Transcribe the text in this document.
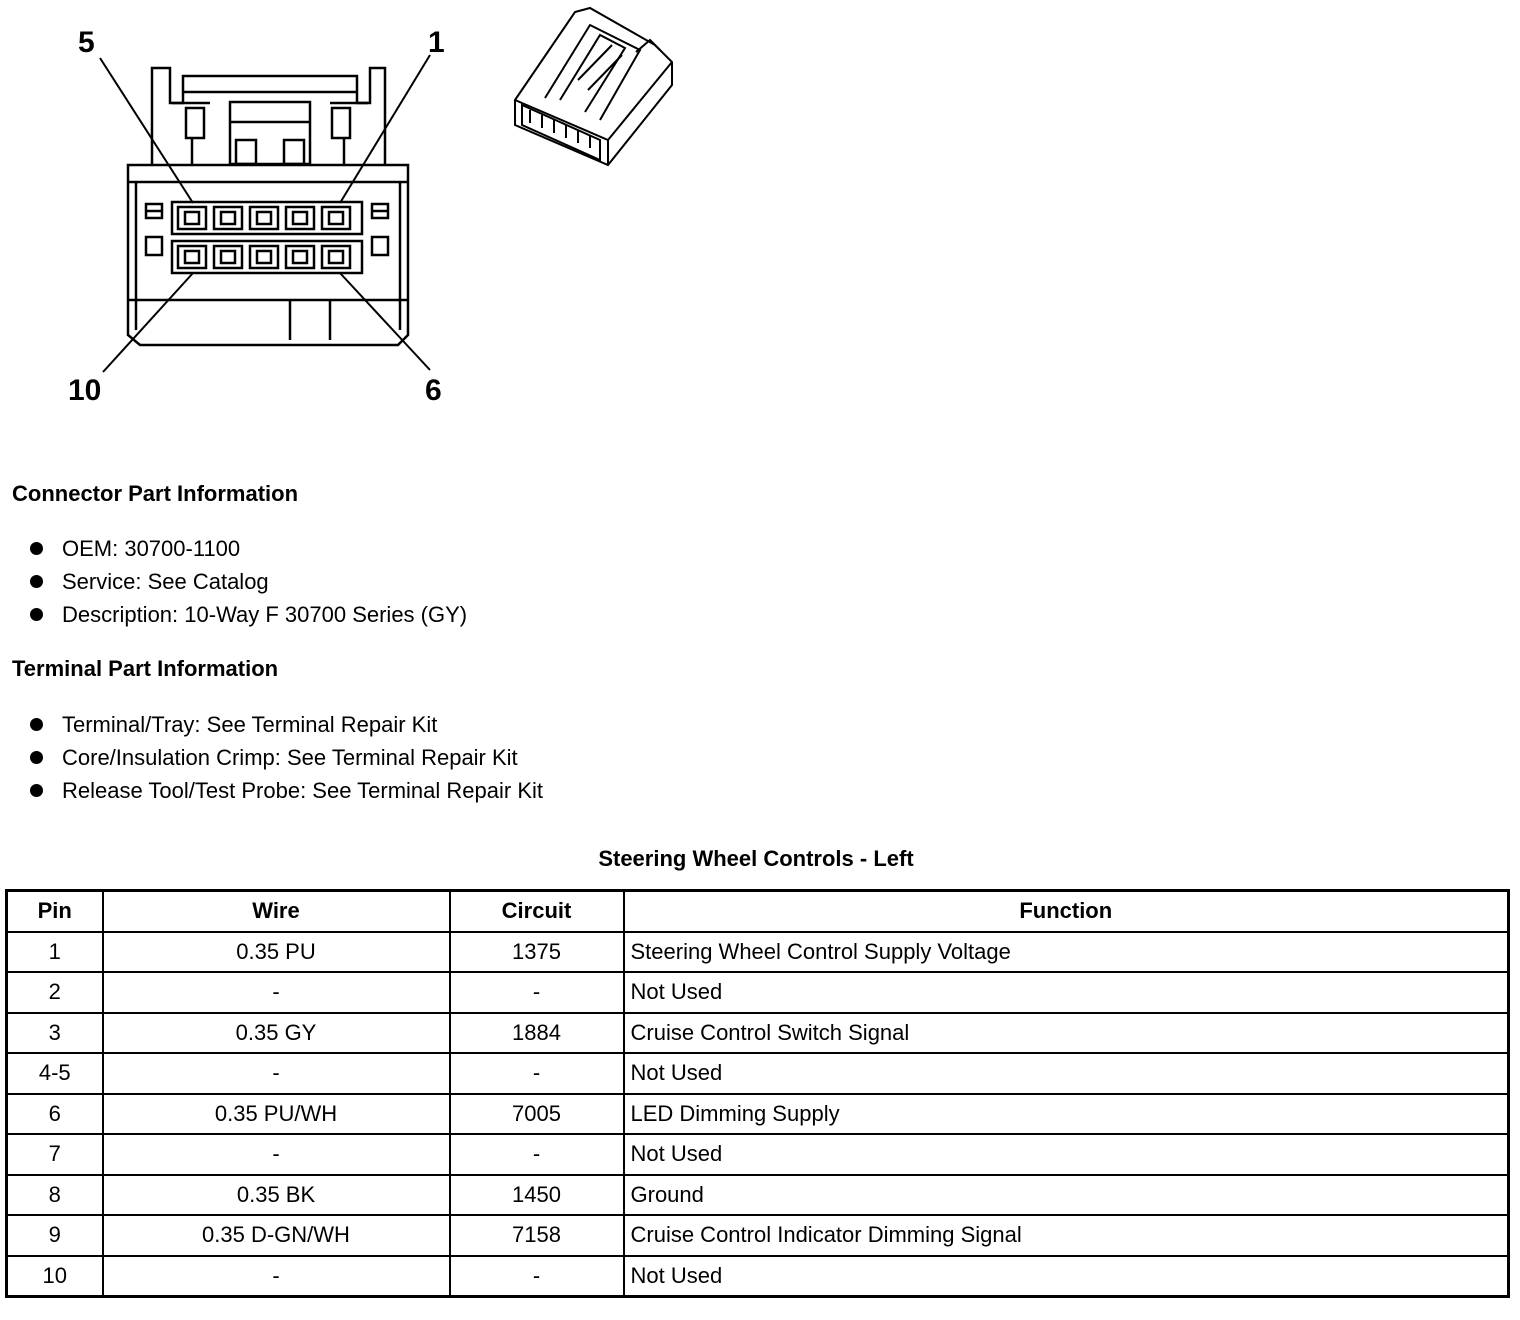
5	1
10	6
Connector Part Information
OEM: 30700-1100
Service: See Catalog
Description: 10-Way F 30700 Series (GY)
Terminal Part Information
Terminal/Tray: See Terminal Repair Kit
Core/Insulation Crimp: See Terminal Repair Kit
Release Tool/Test Probe: See Terminal Repair Kit
Steering Wheel Controls - Left
Pin	Wire	Circuit	Function
1	0.35 PU	1375	Steering Wheel Control Supply Voltage
2	-	-	Not Used
3	0.35 GY	1884	Cruise Control Switch Signal
4-5	-	-	Not Used
6	0.35 PU/WH	7005	LED Dimming Supply
7	-	-	Not Used
8	0.35 BK	1450	Ground
9	0.35 D-GN/WH	7158	Cruise Control Indicator Dimming Signal
10	-	-	Not Used
